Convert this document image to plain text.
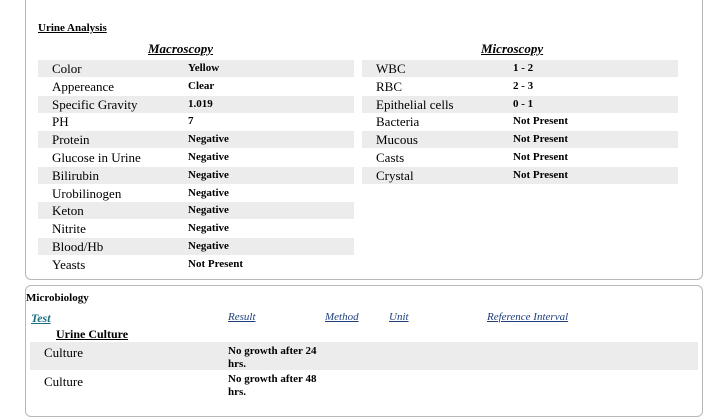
Urine Analysis
Macroscopy	Microscopy
Color	Yellow
Appereance	Clear
Specific Gravity	1.019
PH	7
Protein	Negative
Glucose in Urine	Negative
Bilirubin	Negative
Urobilinogen	Negative
Keton	Negative
Nitrite	Negative
Blood/Hb	Negative
Yeasts	Not Present
WBC	1 - 2
RBC	2 - 3
Epithelial cells	0 - 1
Bacteria	Not Present
Mucous	Not Present
Casts	Not Present
Crystal	Not Present
Microbiology
Test	Result	Method	Unit	Reference Interval
Urine Culture
Culture	No growth after 24
hrs.
Culture	No growth after 48
hrs.
